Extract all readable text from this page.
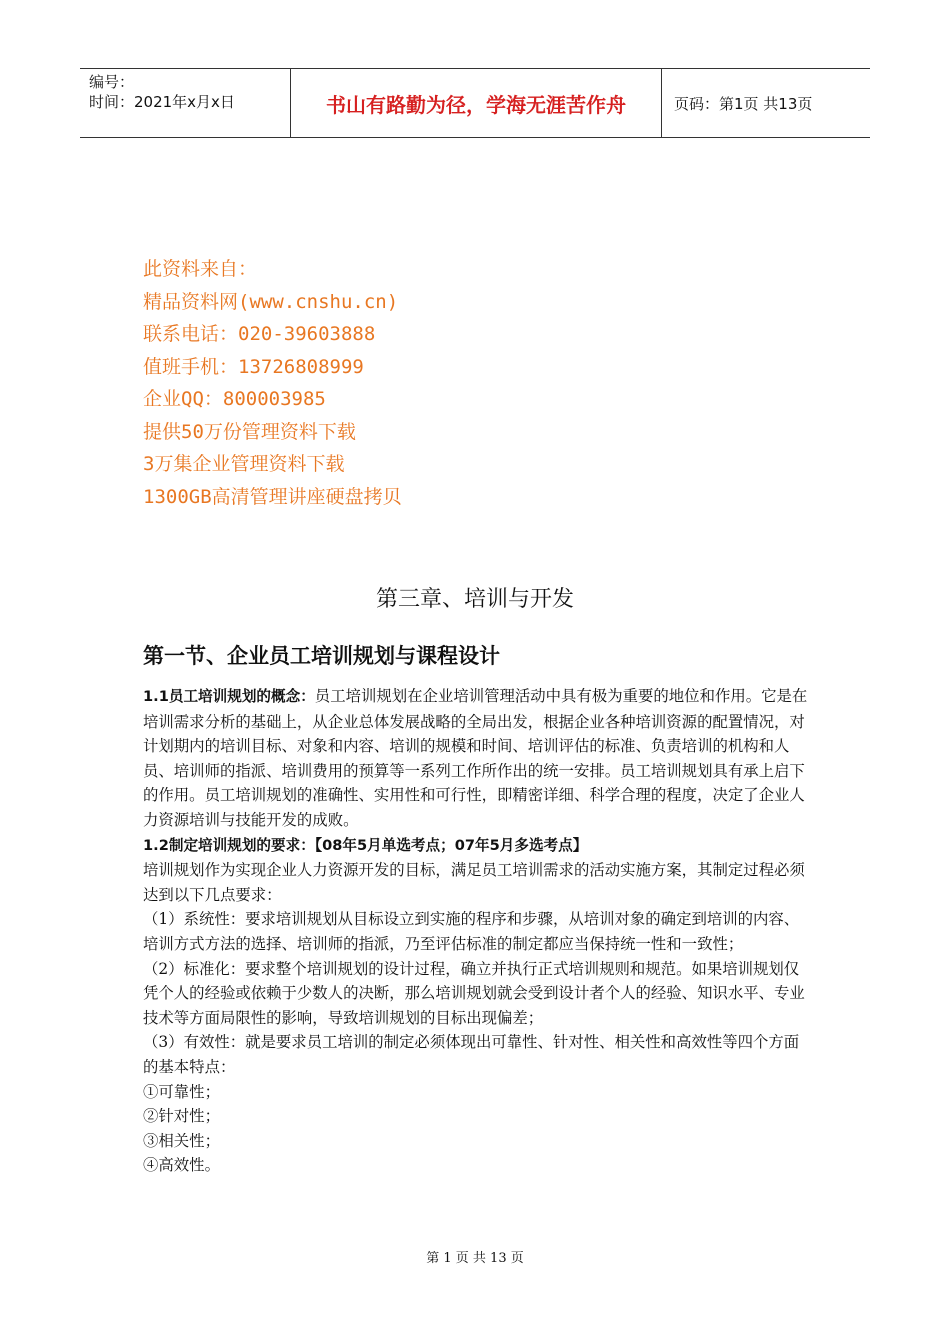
编号：
时间：2021年x月x日	书山有路勤为径，学海无涯苦作舟	页码：第1页 共13页
此资料来自：
精品资料网(www.cnshu.cn)
联系电话：020-39603888
值班手机：13726808999
企业QQ：800003985
提供50万份管理资料下载
3万集企业管理资料下载
1300GB高清管理讲座硬盘拷贝
第三章、培训与开发
第一节、企业员工培训规划与课程设计

1.1员工培训规划的概念：员工培训规划在企业培训管理活动中具有极为重要的地位和作用。它是在培训需求分析的基础上，从企业总体发展战略的全局出发，根据企业各种培训资源的配置情况，对计划期内的培训目标、对象和内容、培训的规模和时间、培训评估的标准、负责培训的机构和人员、培训师的指派、培训费用的预算等一系列工作所作出的统一安排。员工培训规划具有承上启下的作用。员工培训规划的准确性、实用性和可行性，即精密详细、科学合理的程度，决定了企业人力资源培训与技能开发的成败。

1.2制定培训规划的要求：【08年5月单选考点；07年5月多选考点】

培训规划作为实现企业人力资源开发的目标，满足员工培训需求的活动实施方案，其制定过程必须达到以下几点要求：

（1）系统性：要求培训规划从目标设立到实施的程序和步骤，从培训对象的确定到培训的内容、培训方式方法的选择、培训师的指派，乃至评估标准的制定都应当保持统一性和一致性；

（2）标准化：要求整个培训规划的设计过程，确立并执行正式培训规则和规范。如果培训规划仅凭个人的经验或依赖于少数人的决断，那么培训规划就会受到设计者个人的经验、知识水平、专业技术等方面局限性的影响，导致培训规划的目标出现偏差；

（3）有效性：就是要求员工培训的制定必须体现出可靠性、针对性、相关性和高效性等四个方面的基本特点：

①可靠性；

②针对性；

③相关性；

④高效性。

第 1 页 共 13 页
